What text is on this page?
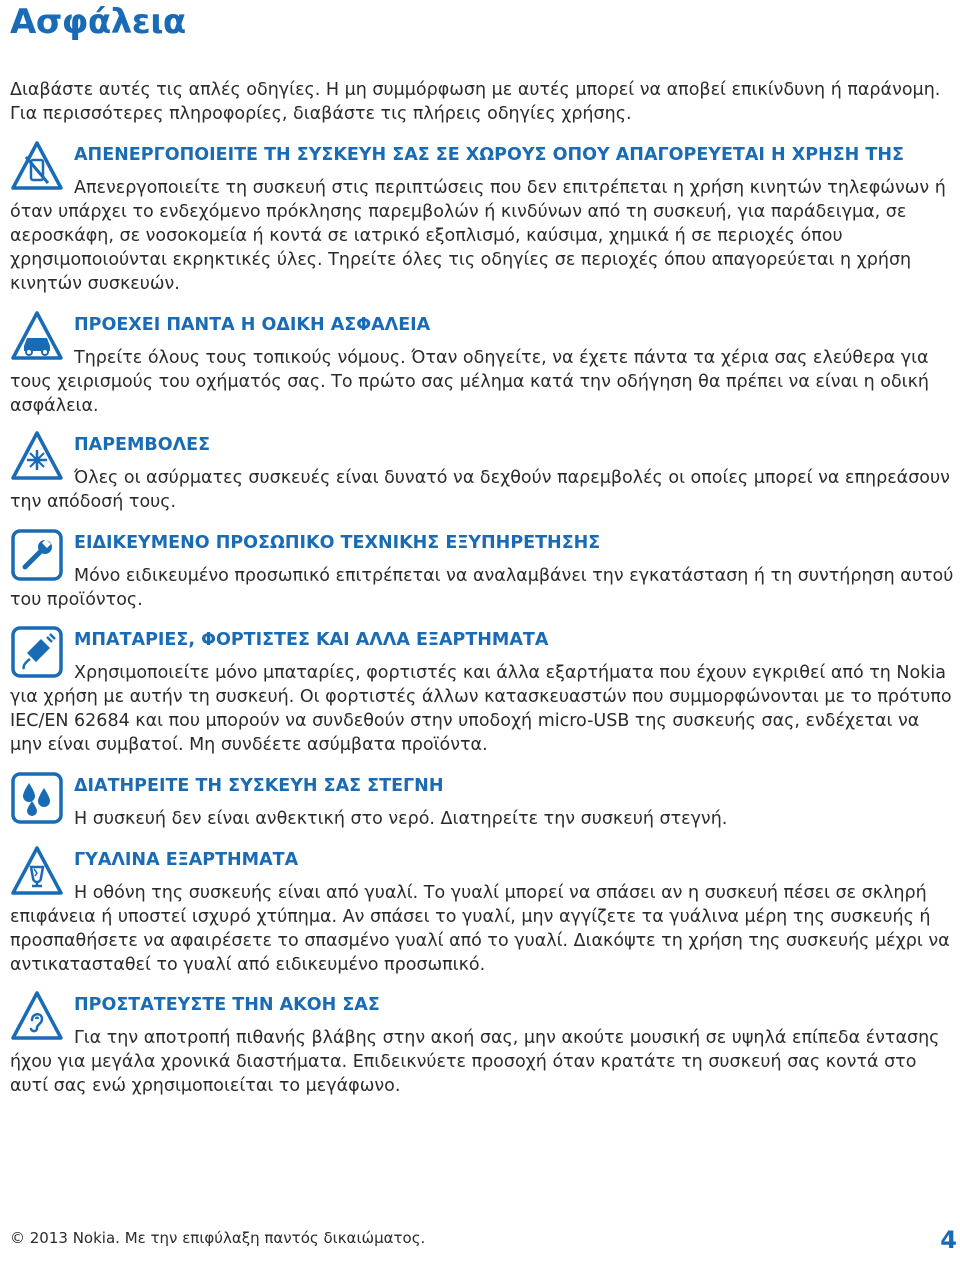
Ασφάλεια

Διαβάστε αυτές τις απλές οδηγίες. Η μη συμμόρφωση με αυτές μπορεί να αποβεί επικίνδυνη ή παράνομη. Για περισσότερες πληροφορίες, διαβάστε τις πλήρεις οδηγίες χρήσης.

ΑΠΕΝΕΡΓΟΠΟΙΕΙΤΕ ΤΗ ΣΥΣΚΕΥΗ ΣΑΣ ΣΕ ΧΩΡΟΥΣ ΟΠΟΥ ΑΠΑΓΟΡΕΥΕΤΑΙ Η ΧΡΗΣΗ ΤΗΣ

Απενεργοποιείτε τη συσκευή στις περιπτώσεις που δεν επιτρέπεται η χρήση κινητών τηλεφώνων ή όταν υπάρχει το ενδεχόμενο πρόκλησης παρεμβολών ή κινδύνων από τη συσκευή, για παράδειγμα, σε αεροσκάφη, σε νοσοκομεία ή κοντά σε ιατρικό εξοπλισμό, καύσιμα, χημικά ή σε περιοχές όπου χρησιμοποιούνται εκρηκτικές ύλες. Τηρείτε όλες τις οδηγίες σε περιοχές όπου απαγορεύεται η χρήση κινητών συσκευών.

ΠΡΟΕΧΕΙ ΠΑΝΤΑ Η ΟΔΙΚΗ ΑΣΦΑΛΕΙΑ

Τηρείτε όλους τους τοπικούς νόμους. Όταν οδηγείτε, να έχετε πάντα τα χέρια σας ελεύθερα για τους χειρισμούς του οχήματός σας. Το πρώτο σας μέλημα κατά την οδήγηση θα πρέπει να είναι η οδική ασφάλεια.

ΠΑΡΕΜΒΟΛΕΣ

Όλες οι ασύρματες συσκευές είναι δυνατό να δεχθούν παρεμβολές οι οποίες μπορεί να επηρεάσουν την απόδοσή τους.

ΕΙΔΙΚΕΥΜΕΝΟ ΠΡΟΣΩΠΙΚΟ ΤΕΧΝΙΚΗΣ ΕΞΥΠΗΡΕΤΗΣΗΣ

Μόνο ειδικευμένο προσωπικό επιτρέπεται να αναλαμβάνει την εγκατάσταση ή τη συντήρηση αυτού του προϊόντος.

ΜΠΑΤΑΡΙΕΣ, ΦΟΡΤΙΣΤΕΣ ΚΑΙ ΑΛΛΑ ΕΞΑΡΤΗΜΑΤΑ

Χρησιμοποιείτε μόνο μπαταρίες, φορτιστές και άλλα εξαρτήματα που έχουν εγκριθεί από τη Nokia για χρήση με αυτήν τη συσκευή. Οι φορτιστές άλλων κατασκευαστών που συμμορφώνονται με το πρότυπο IEC/EN 62684 και που μπορούν να συνδεθούν στην υποδοχή micro-USB της συσκευής σας, ενδέχεται να μην είναι συμβατοί. Μη συνδέετε ασύμβατα προϊόντα.

ΔΙΑΤΗΡΕΙΤΕ ΤΗ ΣΥΣΚΕΥΗ ΣΑΣ ΣΤΕΓΝΗ

Η συσκευή δεν είναι ανθεκτική στο νερό. Διατηρείτε την συσκευή στεγνή.

ΓΥΑΛΙΝΑ ΕΞΑΡΤΗΜΑΤΑ

Η οθόνη της συσκευής είναι από γυαλί. Το γυαλί μπορεί να σπάσει αν η συσκευή πέσει σε σκληρή επιφάνεια ή υποστεί ισχυρό χτύπημα. Αν σπάσει το γυαλί, μην αγγίζετε τα γυάλινα μέρη της συσκευής ή προσπαθήσετε να αφαιρέσετε το σπασμένο γυαλί από το γυαλί. Διακόψτε τη χρήση της συσκευής μέχρι να αντικατασταθεί το γυαλί από ειδικευμένο προσωπικό.

ΠΡΟΣΤΑΤΕΥΣΤΕ ΤΗΝ ΑΚΟΗ ΣΑΣ

Για την αποτροπή πιθανής βλάβης στην ακοή σας, μην ακούτε μουσική σε υψηλά επίπεδα έντασης ήχου για μεγάλα χρονικά διαστήματα. Επιδεικνύετε προσοχή όταν κρατάτε τη συσκευή σας κοντά στο αυτί σας ενώ χρησιμοποιείται το μεγάφωνο.

© 2013 Nokia. Με την επιφύλαξη παντός δικαιώματος.	4
